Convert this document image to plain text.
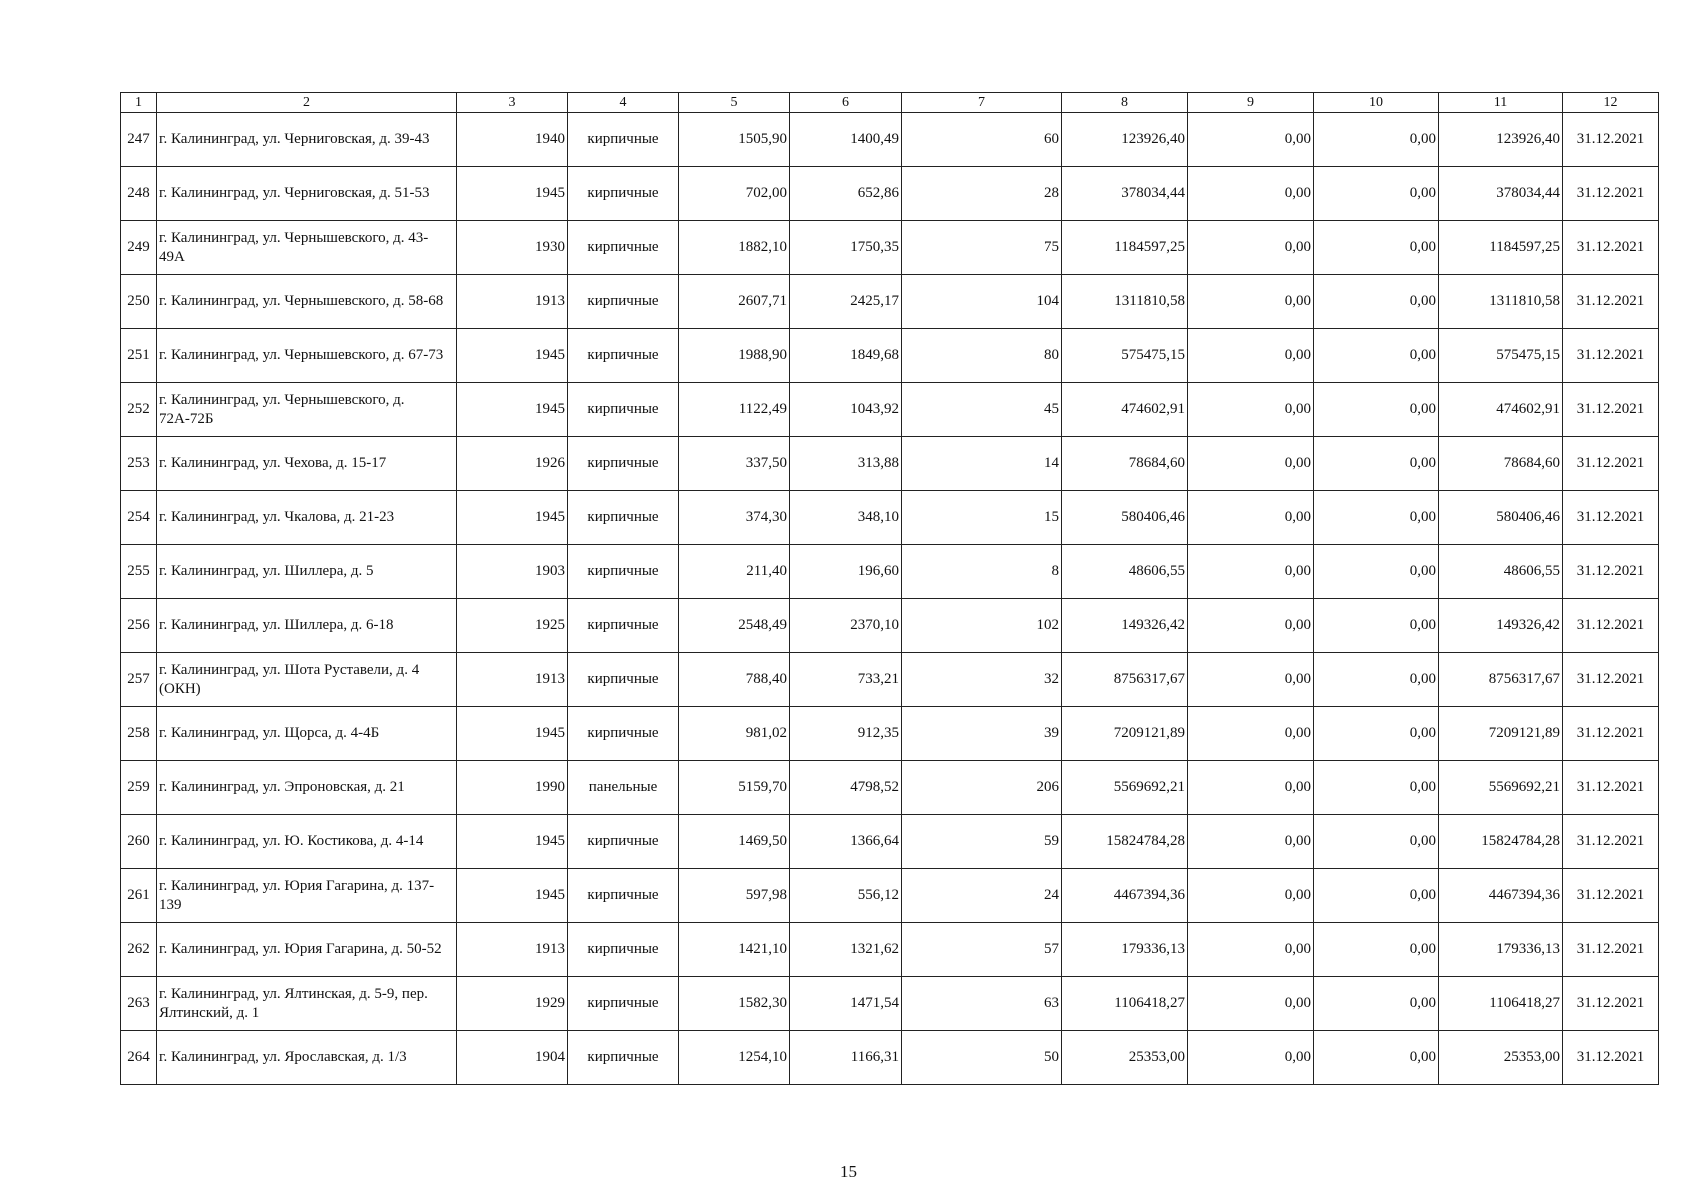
1	2	3	4	5	6	7	8	9	10	11	12
247	г. Калининград, ул. Черниговская, д. 39-43	1940	кирпичные	1505,90	1400,49	60	123926,40	0,00	0,00	123926,40	31.12.2021
248	г. Калининград, ул. Черниговская, д. 51-53	1945	кирпичные	702,00	652,86	28	378034,44	0,00	0,00	378034,44	31.12.2021
249	г. Калининград, ул. Чернышевского, д. 43-49А	1930	кирпичные	1882,10	1750,35	75	1184597,25	0,00	0,00	1184597,25	31.12.2021
250	г. Калининград, ул. Чернышевского, д. 58-68	1913	кирпичные	2607,71	2425,17	104	1311810,58	0,00	0,00	1311810,58	31.12.2021
251	г. Калининград, ул. Чернышевского, д. 67-73	1945	кирпичные	1988,90	1849,68	80	575475,15	0,00	0,00	575475,15	31.12.2021
252	г. Калининград, ул. Чернышевского, д. 72А-72Б	1945	кирпичные	1122,49	1043,92	45	474602,91	0,00	0,00	474602,91	31.12.2021
253	г. Калининград, ул. Чехова, д. 15-17	1926	кирпичные	337,50	313,88	14	78684,60	0,00	0,00	78684,60	31.12.2021
254	г. Калининград, ул. Чкалова, д. 21-23	1945	кирпичные	374,30	348,10	15	580406,46	0,00	0,00	580406,46	31.12.2021
255	г. Калининград, ул. Шиллера, д. 5	1903	кирпичные	211,40	196,60	8	48606,55	0,00	0,00	48606,55	31.12.2021
256	г. Калининград, ул. Шиллера, д. 6-18	1925	кирпичные	2548,49	2370,10	102	149326,42	0,00	0,00	149326,42	31.12.2021
257	г. Калининград, ул. Шота Руставели, д. 4 (ОКН)	1913	кирпичные	788,40	733,21	32	8756317,67	0,00	0,00	8756317,67	31.12.2021
258	г. Калининград, ул. Щорса, д. 4-4Б	1945	кирпичные	981,02	912,35	39	7209121,89	0,00	0,00	7209121,89	31.12.2021
259	г. Калининград, ул. Эпроновская, д. 21	1990	панельные	5159,70	4798,52	206	5569692,21	0,00	0,00	5569692,21	31.12.2021
260	г. Калининград, ул. Ю. Костикова, д. 4-14	1945	кирпичные	1469,50	1366,64	59	15824784,28	0,00	0,00	15824784,28	31.12.2021
261	г. Калининград, ул. Юрия Гагарина, д. 137-139	1945	кирпичные	597,98	556,12	24	4467394,36	0,00	0,00	4467394,36	31.12.2021
262	г. Калининград, ул. Юрия Гагарина, д. 50-52	1913	кирпичные	1421,10	1321,62	57	179336,13	0,00	0,00	179336,13	31.12.2021
263	г. Калининград, ул. Ялтинская, д. 5-9, пер. Ялтинский, д. 1	1929	кирпичные	1582,30	1471,54	63	1106418,27	0,00	0,00	1106418,27	31.12.2021
264	г. Калининград, ул. Ярославская, д. 1/3	1904	кирпичные	1254,10	1166,31	50	25353,00	0,00	0,00	25353,00	31.12.2021
15
